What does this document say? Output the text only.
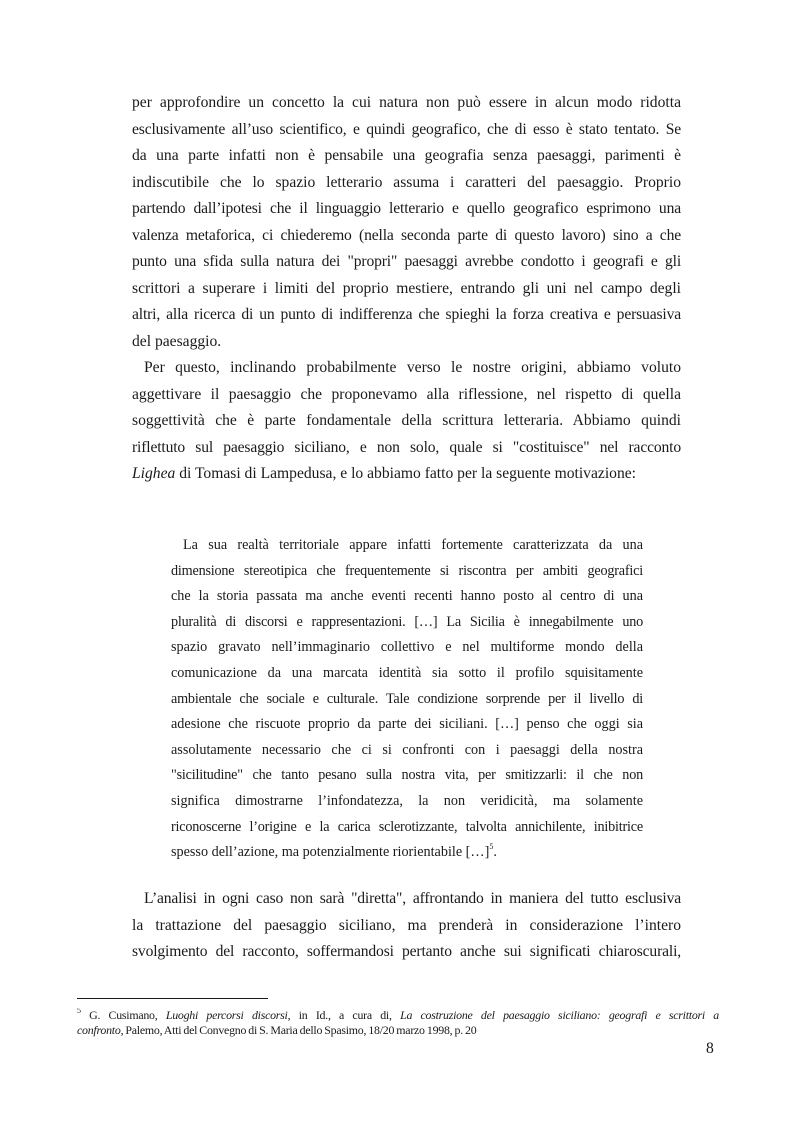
per approfondire un concetto la cui natura non può essere in alcun modo ridotta
esclusivamente all’uso scientifico, e quindi geografico, che di esso è stato tentato. Se
da una parte infatti non è pensabile una geografia senza paesaggi, parimenti è
indiscutibile che lo spazio letterario assuma i caratteri del paesaggio. Proprio
partendo dall’ipotesi che il linguaggio letterario e quello geografico esprimono una
valenza metaforica, ci chiederemo (nella seconda parte di questo lavoro) sino a che
punto una sfida sulla natura dei "propri" paesaggi avrebbe condotto i geografi e gli
scrittori a superare i limiti del proprio mestiere, entrando gli uni nel campo degli
altri, alla ricerca di un punto di indifferenza che spieghi la forza creativa e persuasiva
del paesaggio.
Per questo, inclinando probabilmente verso le nostre origini, abbiamo voluto
aggettivare il paesaggio che proponevamo alla riflessione, nel rispetto di quella
soggettività che è parte fondamentale della scrittura letteraria. Abbiamo quindi
riflettuto sul paesaggio siciliano, e non solo, quale si "costituisce" nel racconto
Lighea di Tomasi di Lampedusa, e lo abbiamo fatto per la seguente motivazione:
La sua realtà territoriale appare infatti fortemente caratterizzata da una
dimensione stereotipica che frequentemente si riscontra per ambiti geografici
che la storia passata ma anche eventi recenti hanno posto al centro di una
pluralità di discorsi e rappresentazioni. […] La Sicilia è innegabilmente uno
spazio gravato nell’immaginario collettivo e nel multiforme mondo della
comunicazione da una marcata identità sia sotto il profilo squisitamente
ambientale che sociale e culturale. Tale condizione sorprende per il livello di
adesione che riscuote proprio da parte dei siciliani. […] penso che oggi sia
assolutamente necessario che ci si confronti con i paesaggi della nostra
"sicilitudine" che tanto pesano sulla nostra vita, per smitizzarli: il che non
significa dimostrarne l’infondatezza, la non veridicità, ma solamente
riconoscerne l’origine e la carica sclerotizzante, talvolta annichilente, inibitrice
spesso dell’azione, ma potenzialmente riorientabile […]$^5$.
L’analisi in ogni caso non sarà "diretta", affrontando in maniera del tutto esclusiva
la trattazione del paesaggio siciliano, ma prenderà in considerazione l’intero
svolgimento del racconto, soffermandosi pertanto anche sui significati chiaroscurali,
$^5$ G. Cusimano, Luoghi percorsi discorsi, in Id., a cura di, La costruzione del paesaggio siciliano: geografi e scrittori a
confronto, Palemo, Atti del Convegno di S. Maria dello Spasimo, 18/20 marzo 1998, p. 20
8
